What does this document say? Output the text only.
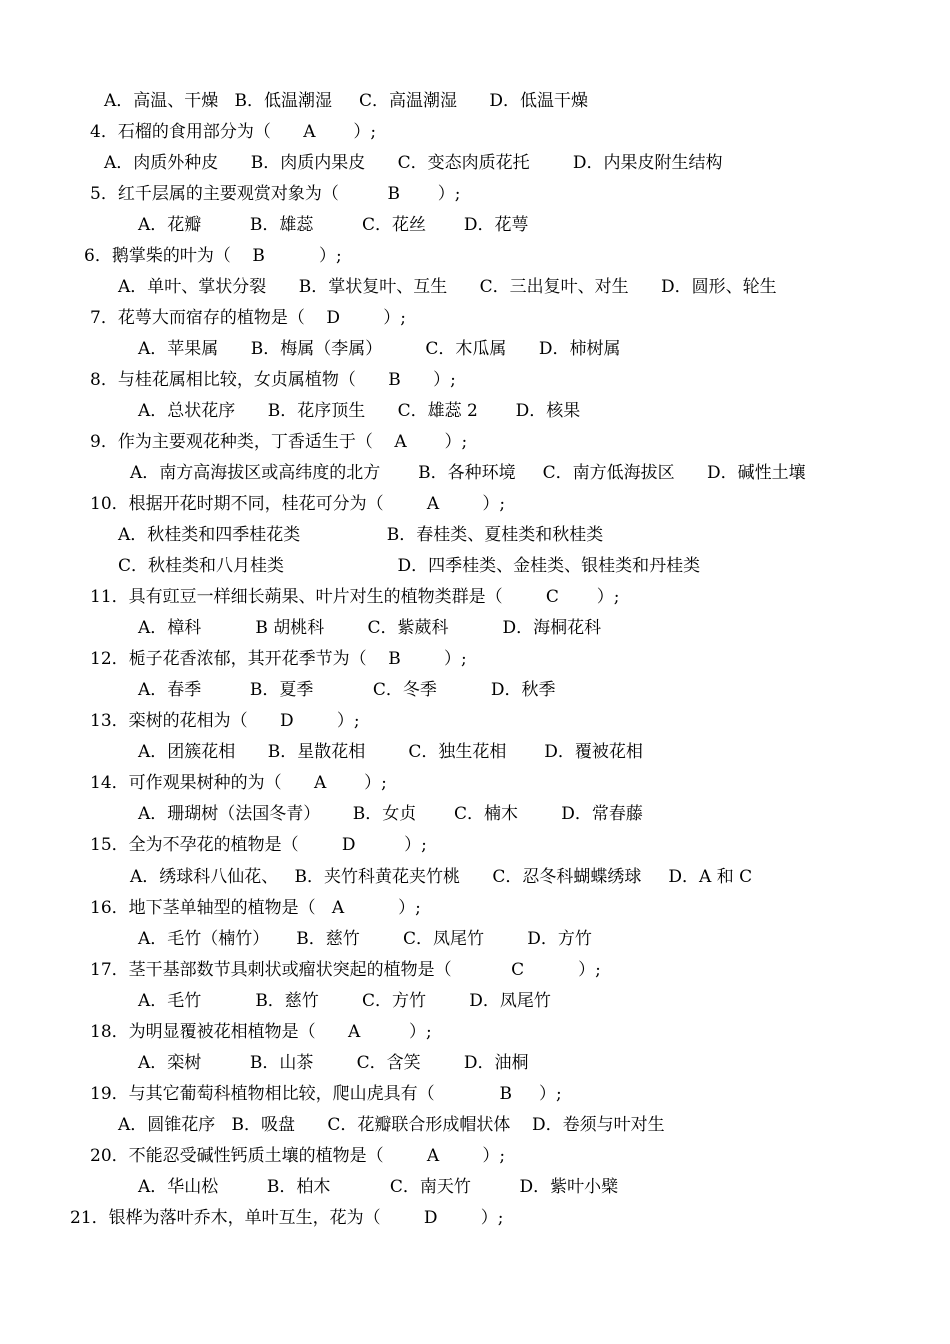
A．高温、干燥   B．低温潮湿     C．高温潮湿      D．低温干燥
4．石榴的食用部分为（      A       ）;
A．肉质外种皮      B．肉质内果皮      C．变态肉质花托        D．内果皮附生结构
5．红千层属的主要观赏对象为（         B       ）;
A．花瓣         B．雄蕊         C．花丝       D．花萼
6．鹅掌柴的叶为（    B          ）;
A．单叶、掌状分裂      B．掌状复叶、互生      C．三出复叶、对生      D．圆形、轮生
7．花萼大而宿存的植物是（    D        ）;
A．苹果属      B．梅属（李属）        C．木瓜属      D．柿树属
8．与桂花属相比较，女贞属植物（      B      ）;
A．总状花序      B．花序顶生      C．雄蕊 2       D．核果
9．作为主要观花种类，丁香适生于（    A       ）;
A．南方高海拔区或高纬度的北方       B．各种环境     C．南方低海拔区      D．碱性土壤
10．根据开花时期不同，桂花可分为（        A        ）;
A．秋桂类和四季桂花类                B．春桂类、夏桂类和秋桂类
C．秋桂类和八月桂类                     D．四季桂类、金桂类、银桂类和丹桂类
11．具有豇豆一样细长蒴果、叶片对生的植物类群是（        C       ）;
A．樟科          B 胡桃科        C．紫葳科          D．海桐花科
12．栀子花香浓郁，其开花季节为（    B        ）;
A．春季         B．夏季           C．冬季          D．秋季
13．栾树的花相为（      D        ）;
A．团簇花相      B．星散花相        C．独生花相       D．覆被花相
14．可作观果树种的为（      A       ）;
A．珊瑚树（法国冬青）      B．女贞       C．楠木        D．常春藤
15．全为不孕花的植物是（        D         ）;
A．绣球科八仙花、   B．夹竹科黄花夹竹桃      C．忍冬科蝴蝶绣球     D．A 和 C
16．地下茎单轴型的植物是（   A          ）;
A．毛竹（楠竹）     B．慈竹        C．凤尾竹        D．方竹
17．茎干基部数节具刺状或瘤状突起的植物是（           C          ）;
A．毛竹          B．慈竹        C．方竹        D．凤尾竹
18．为明显覆被花相植物是（      A         ）;
A．栾树         B．山茶        C．含笑        D．油桐
19．与其它葡萄科植物相比较，爬山虎具有（            B     ）;
A．圆锥花序   B．吸盘      C．花瓣联合形成帽状体    D．卷须与叶对生
20．不能忍受碱性钙质土壤的植物是（        A        ）;
A．华山松         B．柏木           C．南天竹         D．紫叶小檗
21．银桦为落叶乔木，单叶互生，花为（        D        ）;
